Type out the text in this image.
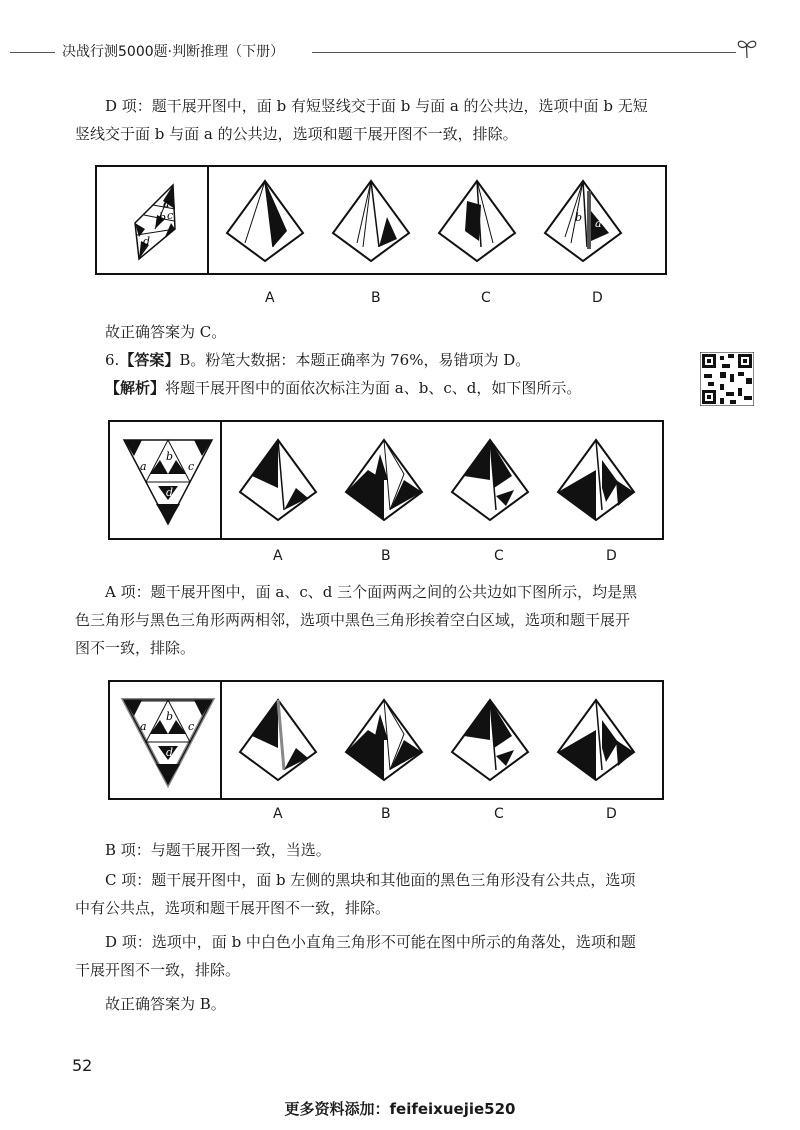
决战行测5000题·判断推理（下册）
D 项：题干展开图中，面 b 有短竖线交于面 b 与面 a 的公共边，选项中面 b 无短
竖线交于面 b 与面 a 的公共边，选项和题干展开图不一致，排除。
a
b c
d
b a
A	B	C	D
故正确答案为 C。
6.【答案】B。粉笔大数据：本题正确率为 76%，易错项为 D。
【解析】将题干展开图中的面依次标注为面 a、b、c、d，如下图所示。
a
b
c
d
A	B	C	D
A 项：题干展开图中，面 a、c、d 三个面两两之间的公共边如下图所示，均是黑
色三角形与黑色三角形两两相邻，选项中黑色三角形挨着空白区域，选项和题干展开
图不一致，排除。
a
b
c
d
A	B	C	D
B 项：与题干展开图一致，当选。
C 项：题干展开图中，面 b 左侧的黑块和其他面的黑色三角形没有公共点，选项
中有公共点，选项和题干展开图不一致，排除。
D 项：选项中，面 b 中白色小直角三角形不可能在图中所示的角落处，选项和题
干展开图不一致，排除。
故正确答案为 B。
52
更多资料添加：feifeixuejie520
